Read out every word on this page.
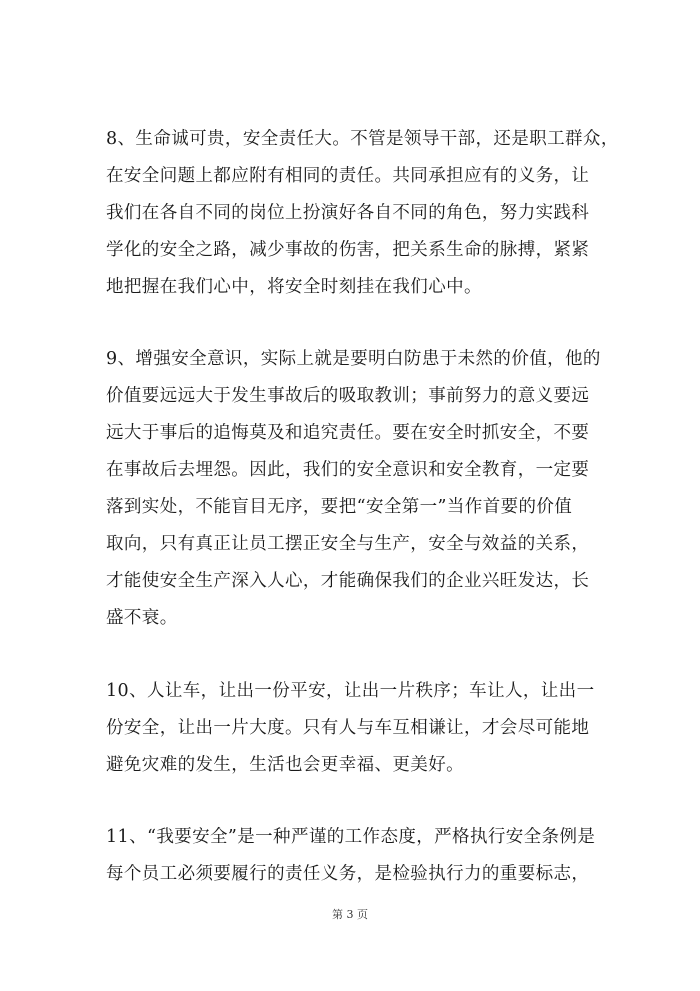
8、生命诚可贵，安全责任大。不管是领导干部，还是职工群众，
在安全问题上都应附有相同的责任。共同承担应有的义务，让
我们在各自不同的岗位上扮演好各自不同的角色，努力实践科
学化的安全之路，减少事故的伤害，把关系生命的脉搏，紧紧
地把握在我们心中，将安全时刻挂在我们心中。
9、增强安全意识，实际上就是要明白防患于未然的价值，他的
价值要远远大于发生事故后的吸取教训；事前努力的意义要远
远大于事后的追悔莫及和追究责任。要在安全时抓安全，不要
在事故后去埋怨。因此，我们的安全意识和安全教育，一定要
落到实处，不能盲目无序，要把“安全第一”当作首要的价值
取向，只有真正让员工摆正安全与生产，安全与效益的关系，
才能使安全生产深入人心，才能确保我们的企业兴旺发达，长
盛不衰。
10、人让车，让出一份平安，让出一片秩序；车让人，让出一
份安全，让出一片大度。只有人与车互相谦让，才会尽可能地
避免灾难的发生，生活也会更幸福、更美好。
11、“我要安全”是一种严谨的工作态度，严格执行安全条例是
每个员工必须要履行的责任义务，是检验执行力的重要标志，
第 3 页
